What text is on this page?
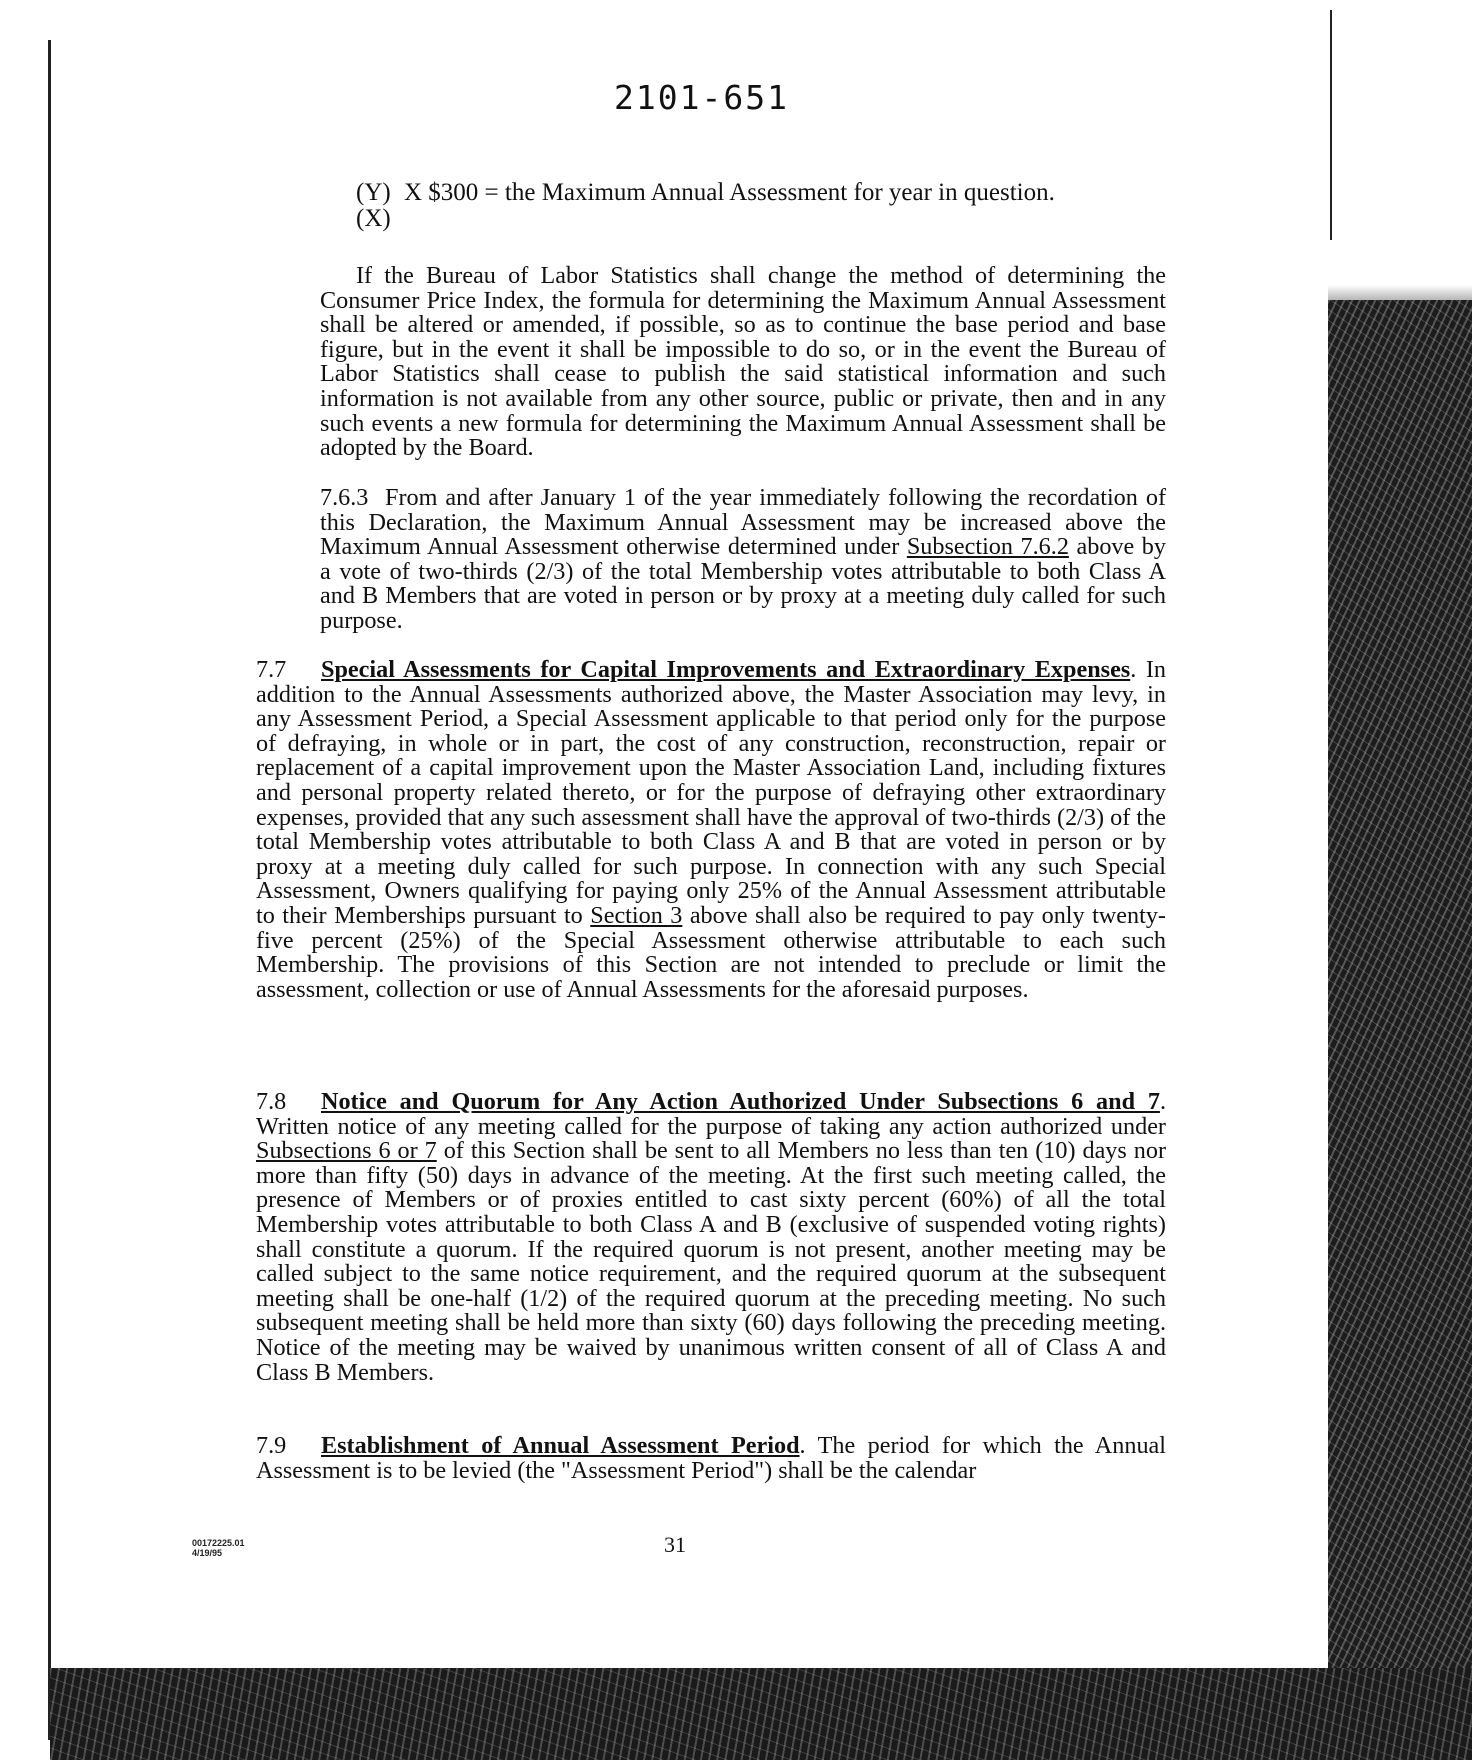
2101-651
(Y)
(X)
X $300 = the Maximum Annual Assessment for year in question.

If the Bureau of Labor Statistics shall change the method of determining the Consumer Price Index, the formula for determining the Maximum Annual Assessment shall be altered or amended, if possible, so as to continue the base period and base figure, but in the event it shall be impossible to do so, or in the event the Bureau of Labor Statistics shall cease to publish the said statistical information and such information is not available from any other source, public or private, then and in any such events a new formula for determining the Maximum Annual Assessment shall be adopted by the Board.

7.6.3 From and after January 1 of the year immediately following the recordation of this Declaration, the Maximum Annual Assessment may be increased above the Maximum Annual Assessment otherwise determined under Subsection 7.6.2 above by a vote of two-thirds (2/3) of the total Membership votes attributable to both Class A and B Members that are voted in person or by proxy at a meeting duly called for such purpose.

7.7 Special Assessments for Capital Improvements and Extraordinary Expenses. In addition to the Annual Assessments authorized above, the Master Association may levy, in any Assessment Period, a Special Assessment applicable to that period only for the purpose of defraying, in whole or in part, the cost of any construction, reconstruction, repair or replacement of a capital improvement upon the Master Association Land, including fixtures and personal property related thereto, or for the purpose of defraying other extraordinary expenses, provided that any such assessment shall have the approval of two-thirds (2/3) of the total Membership votes attributable to both Class A and B that are voted in person or by proxy at a meeting duly called for such purpose. In connection with any such Special Assessment, Owners qualifying for paying only 25% of the Annual Assessment attributable to their Memberships pursuant to Section 3 above shall also be required to pay only twenty-five percent (25%) of the Special Assessment otherwise attributable to each such Membership. The provisions of this Section are not intended to preclude or limit the assessment, collection or use of Annual Assessments for the aforesaid purposes.

7.8 Notice and Quorum for Any Action Authorized Under Subsections 6 and 7. Written notice of any meeting called for the purpose of taking any action authorized under Subsections 6 or 7 of this Section shall be sent to all Members no less than ten (10) days nor more than fifty (50) days in advance of the meeting. At the first such meeting called, the presence of Members or of proxies entitled to cast sixty percent (60%) of all the total Membership votes attributable to both Class A and B (exclusive of suspended voting rights) shall constitute a quorum. If the required quorum is not present, another meeting may be called subject to the same notice requirement, and the required quorum at the subsequent meeting shall be one-half (1/2) of the required quorum at the preceding meeting. No such subsequent meeting shall be held more than sixty (60) days following the preceding meeting. Notice of the meeting may be waived by unanimous written consent of all of Class A and Class B Members.

7.9 Establishment of Annual Assessment Period. The period for which the Annual Assessment is to be levied (the "Assessment Period") shall be the calendar

00172225.01
4/19/95	31
